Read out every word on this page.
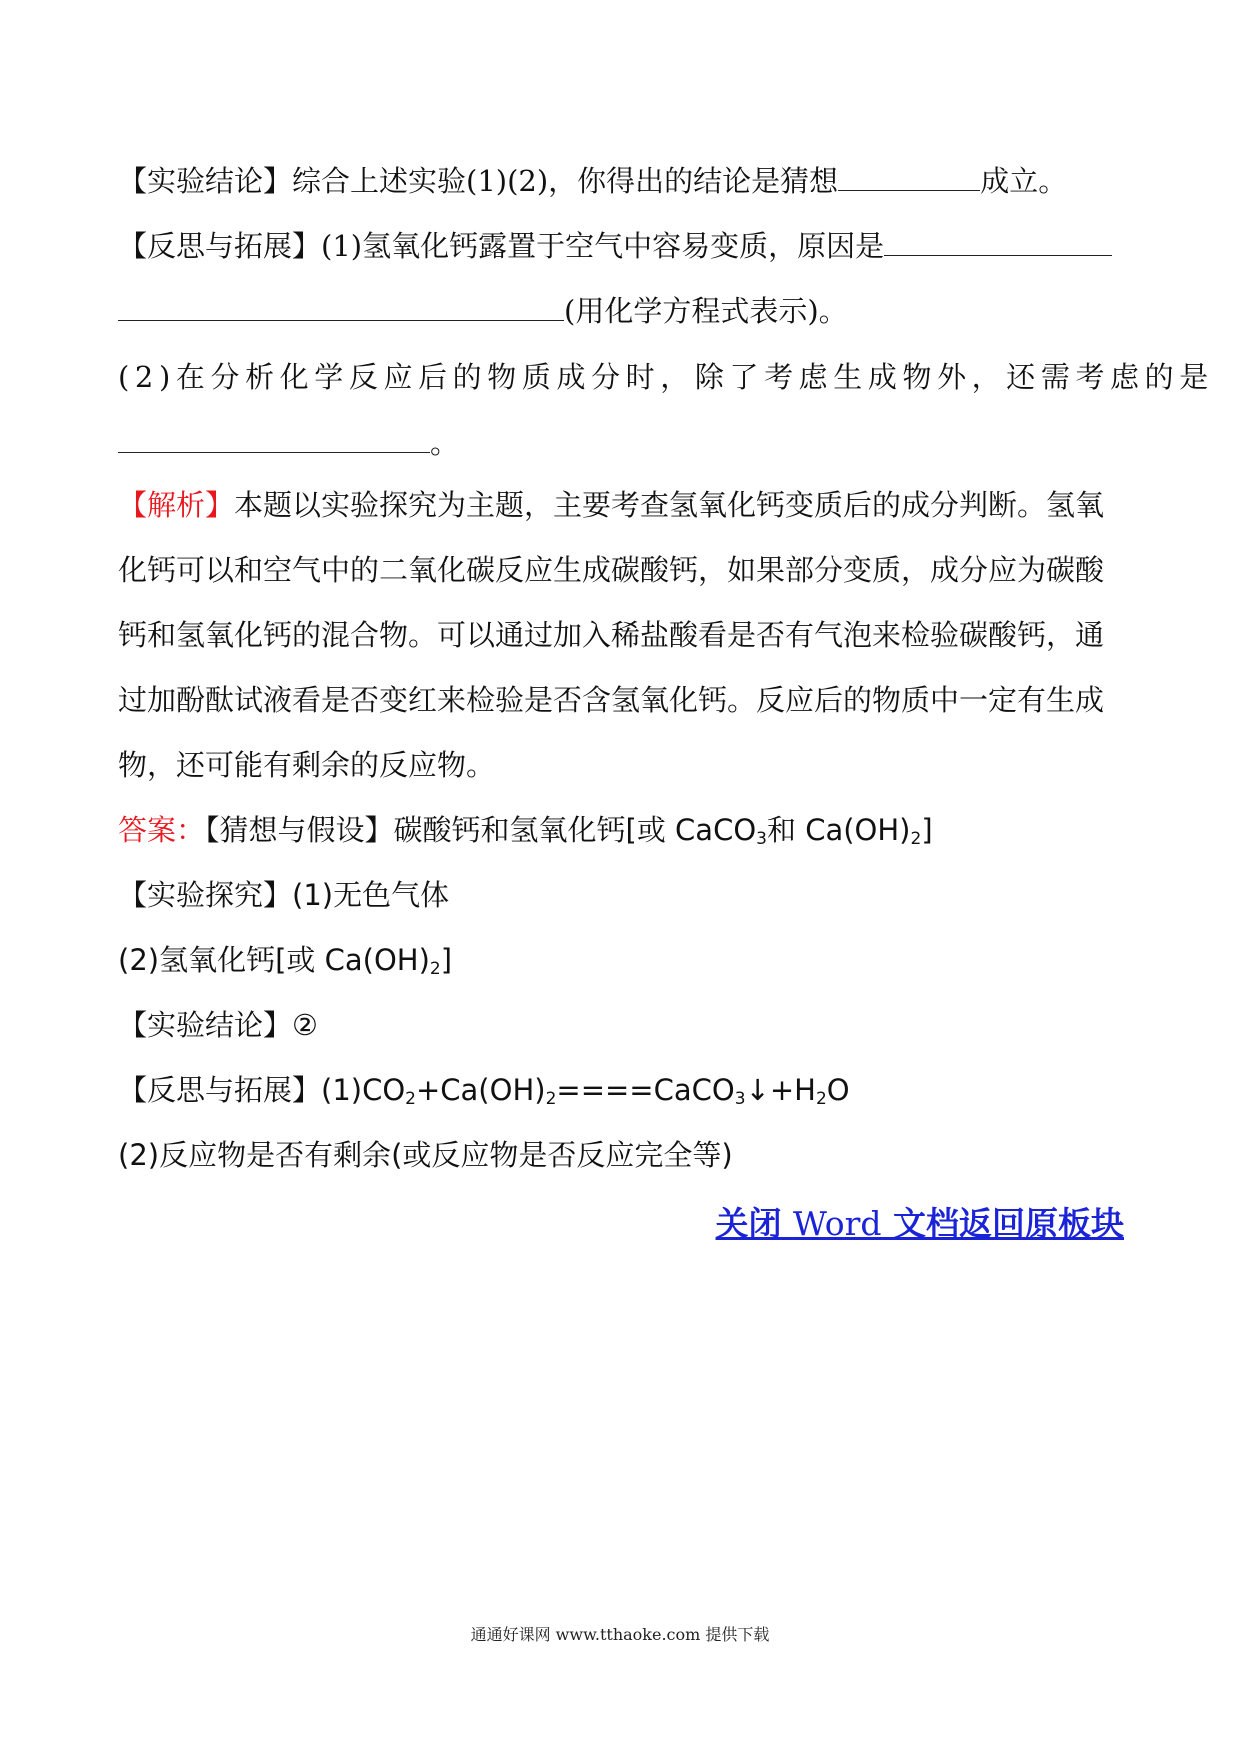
【实验结论】综合上述实验(1)(2)，你得出的结论是猜想	成立。
【反思与拓展】(1)氢氧化钙露置于空气中容易变质，原因是
(用化学方程式表示)。
(2)在分析化学反应后的物质成分时，除了考虑生成物外，还需考虑的是
。
【解析】本题以实验探究为主题，主要考查氢氧化钙变质后的成分判断。氢氧
化钙可以和空气中的二氧化碳反应生成碳酸钙，如果部分变质，成分应为碳酸
钙和氢氧化钙的混合物。可以通过加入稀盐酸看是否有气泡来检验碳酸钙，通
过加酚酞试液看是否变红来检验是否含氢氧化钙。反应后的物质中一定有生成
物，还可能有剩余的反应物。
答案：【猜想与假设】碳酸钙和氢氧化钙[或 CaCO$_3$和 $Ca(OH)_2$]
【实验探究】(1)无色气体
(2)氢氧化钙[或 $Ca(OH)_2$]
【实验结论】②
【反思与拓展】$(1)CO_2+Ca(OH)_2====CaCO_3↓+H_2O$
(2)反应物是否有剩余(或反应物是否反应完全等)
关闭 Word 文档返回原板块
通通好课网 www.tthaoke.com 提供下载
